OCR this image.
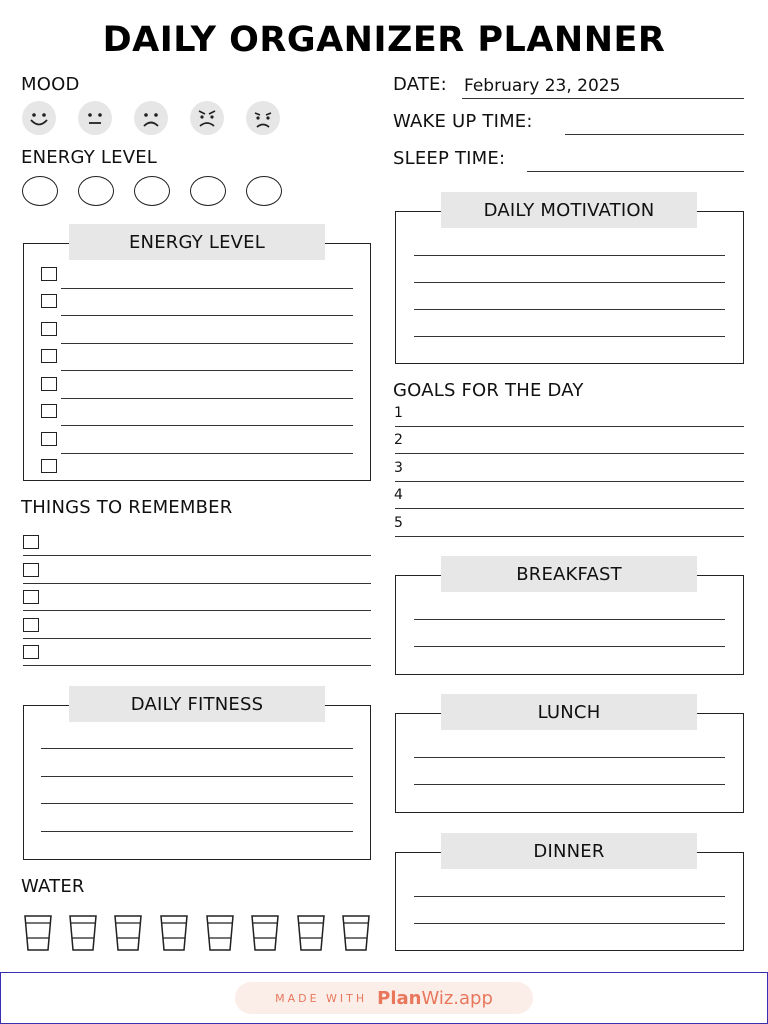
DAILY ORGANIZER PLANNER
MOOD
ENERGY LEVEL
DATE: February 23, 2025
WAKE UP TIME:
SLEEP TIME:
ENERGY LEVEL
DAILY MOTIVATION
GOALS FOR THE DAY
1
2
3
4
5
THINGS TO REMEMBER
BREAKFAST
DAILY FITNESS	LUNCH
DINNER
WATER
MADE WITH Plan Wiz.app
